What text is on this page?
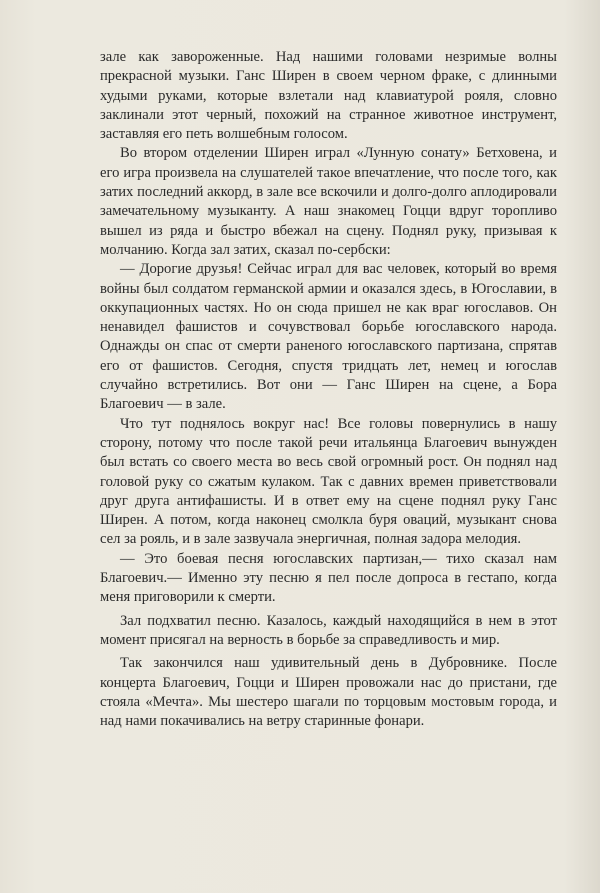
зале как завороженные. Над нашими головами незримые волны прекрасной музыки. Ганс Ширен в своем черном фраке, с длинными худыми руками, которые взлетали над клавиатурой рояля, словно заклинали этот черный, похожий на странное животное инструмент, заставляя его петь волшебным голосом.

Во втором отделении Ширен играл «Лунную сонату» Бетховена, и его игра произвела на слушателей такое впечатление, что после того, как затих последний аккорд, в зале все вскочили и долго-долго аплодировали замечательному музыканту. А наш знакомец Гоцци вдруг торопливо вышел из ряда и быстро вбежал на сцену. Поднял руку, призывая к молчанию. Когда зал затих, сказал по-сербски:

— Дорогие друзья! Сейчас играл для вас человек, который во время войны был солдатом германской армии и оказался здесь, в Югославии, в оккупационных частях. Но он сюда пришел не как враг югославов. Он ненавидел фашистов и сочувствовал борьбе югославского народа. Однажды он спас от смерти раненого югославского партизана, спрятав его от фашистов. Сегодня, спустя тридцать лет, немец и югослав случайно встретились. Вот они — Ганс Ширен на сцене, а Бора Благоевич — в зале.

Что тут поднялось вокруг нас! Все головы повернулись в нашу сторону, потому что после такой речи итальянца Благоевич вынужден был встать со своего места во весь свой огромный рост. Он поднял над головой руку со сжатым кулаком. Так с давних времен приветствовали друг друга антифашисты. И в ответ ему на сцене поднял руку Ганс Ширен. А потом, когда наконец смолкла буря оваций, музыкант снова сел за рояль, и в зале зазвучала энергичная, полная задора мелодия.

— Это боевая песня югославских партизан,— тихо сказал нам Благоевич.— Именно эту песню я пел после допроса в гестапо, когда меня приговорили к смерти.

Зал подхватил песню. Казалось, каждый находящийся в нем в этот момент присягал на верность в борьбе за справедливость и мир.

Так закончился наш удивительный день в Дубровнике. После концерта Благоевич, Гоцци и Ширен провожали нас до пристани, где стояла «Мечта». Мы шестеро шагали по торцовым мостовым города, и над нами покачивались на ветру старинные фонари.
